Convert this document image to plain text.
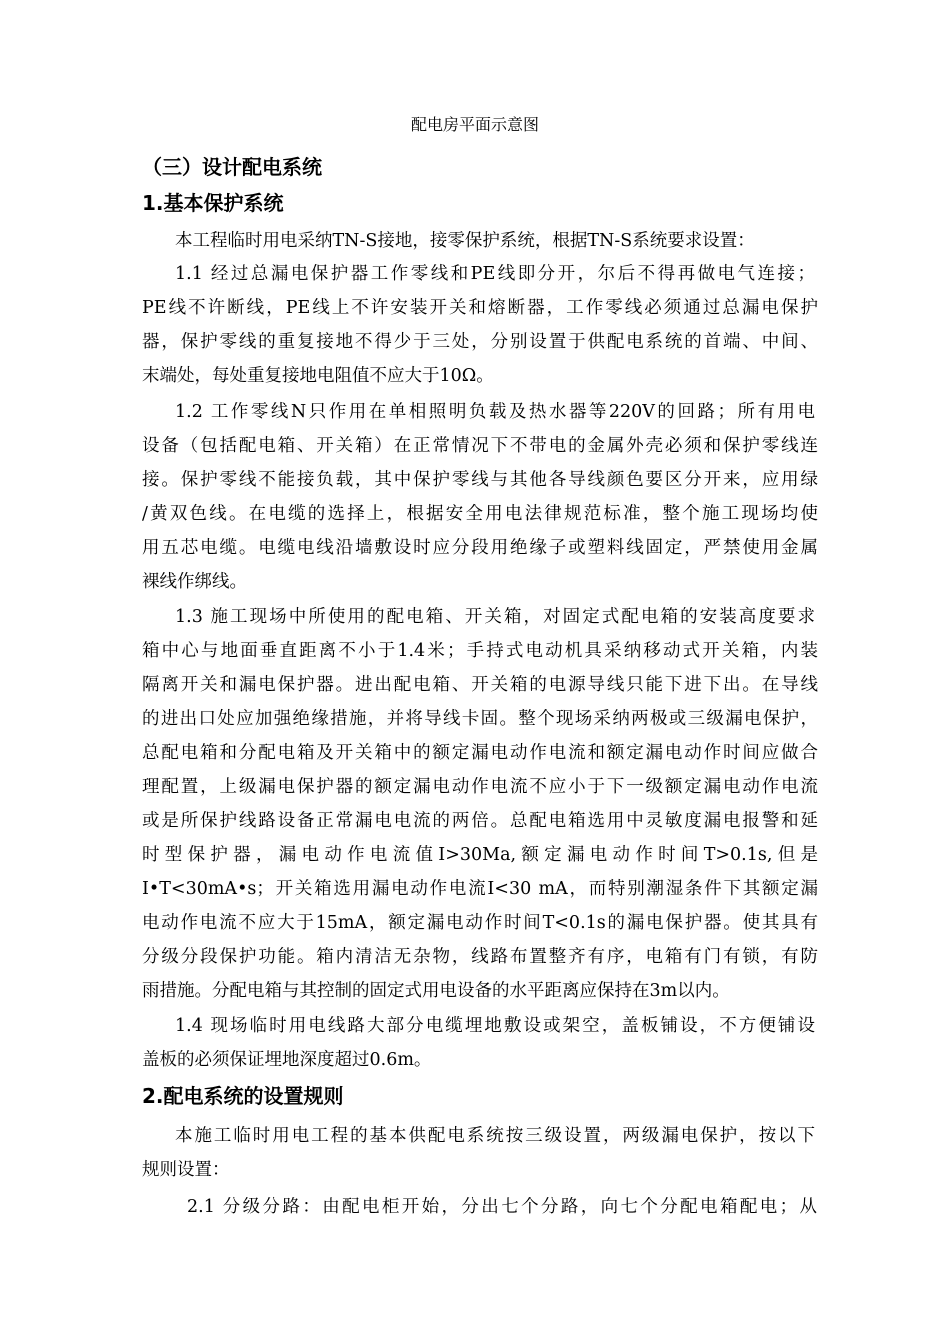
配电房平面示意图
（三）设计配电系统
1.基本保护系统
本工程临时用电采纳TN-S接地，接零保护系统，根据TN-S系统要求设置：
1.1 经过总漏电保护器工作零线和PE线即分开，尔后不得再做电气连接；
PE线不许断线，PE线上不许安装开关和熔断器，工作零线必须通过总漏电保护
器，保护零线的重复接地不得少于三处，分别设置于供配电系统的首端、中间、
末端处，每处重复接地电阻值不应大于10Ω。
1.2 工作零线N只作用在单相照明负载及热水器等220V的回路；所有用电
设备（包括配电箱、开关箱）在正常情况下不带电的金属外壳必须和保护零线连
接。保护零线不能接负载，其中保护零线与其他各导线颜色要区分开来，应用绿
/黄双色线。在电缆的选择上，根据安全用电法律规范标准，整个施工现场均使
用五芯电缆。电缆电线沿墙敷设时应分段用绝缘子或塑料线固定，严禁使用金属
裸线作绑线。
1.3 施工现场中所使用的配电箱、开关箱，对固定式配电箱的安装高度要求
箱中心与地面垂直距离不小于1.4米；手持式电动机具采纳移动式开关箱，内装
隔离开关和漏电保护器。进出配电箱、开关箱的电源导线只能下进下出。在导线
的进出口处应加强绝缘措施，并将导线卡固。整个现场采纳两极或三级漏电保护，
总配电箱和分配电箱及开关箱中的额定漏电动作电流和额定漏电动作时间应做合
理配置，上级漏电保护器的额定漏电动作电流不应小于下一级额定漏电动作电流
或是所保护线路设备正常漏电电流的两倍。总配电箱选用中灵敏度漏电报警和延
时型保护器，漏电动作电流值I>30Ma,额定漏电动作时间T>0.1s,但是
I•T<30mA•s；开关箱选用漏电动作电流I<30 mA，而特别潮湿条件下其额定漏
电动作电流不应大于15mA，额定漏电动作时间T<0.1s的漏电保护器。使其具有
分级分段保护功能。箱内清洁无杂物，线路布置整齐有序，电箱有门有锁，有防
雨措施。分配电箱与其控制的固定式用电设备的水平距离应保持在3m以内。
1.4 现场临时用电线路大部分电缆埋地敷设或架空，盖板铺设，不方便铺设
盖板的必须保证埋地深度超过0.6m。
2.配电系统的设置规则
本施工临时用电工程的基本供配电系统按三级设置，两级漏电保护，按以下
规则设置：
2.1 分级分路：由配电柜开始，分出七个分路，向七个分配电箱配电；从
